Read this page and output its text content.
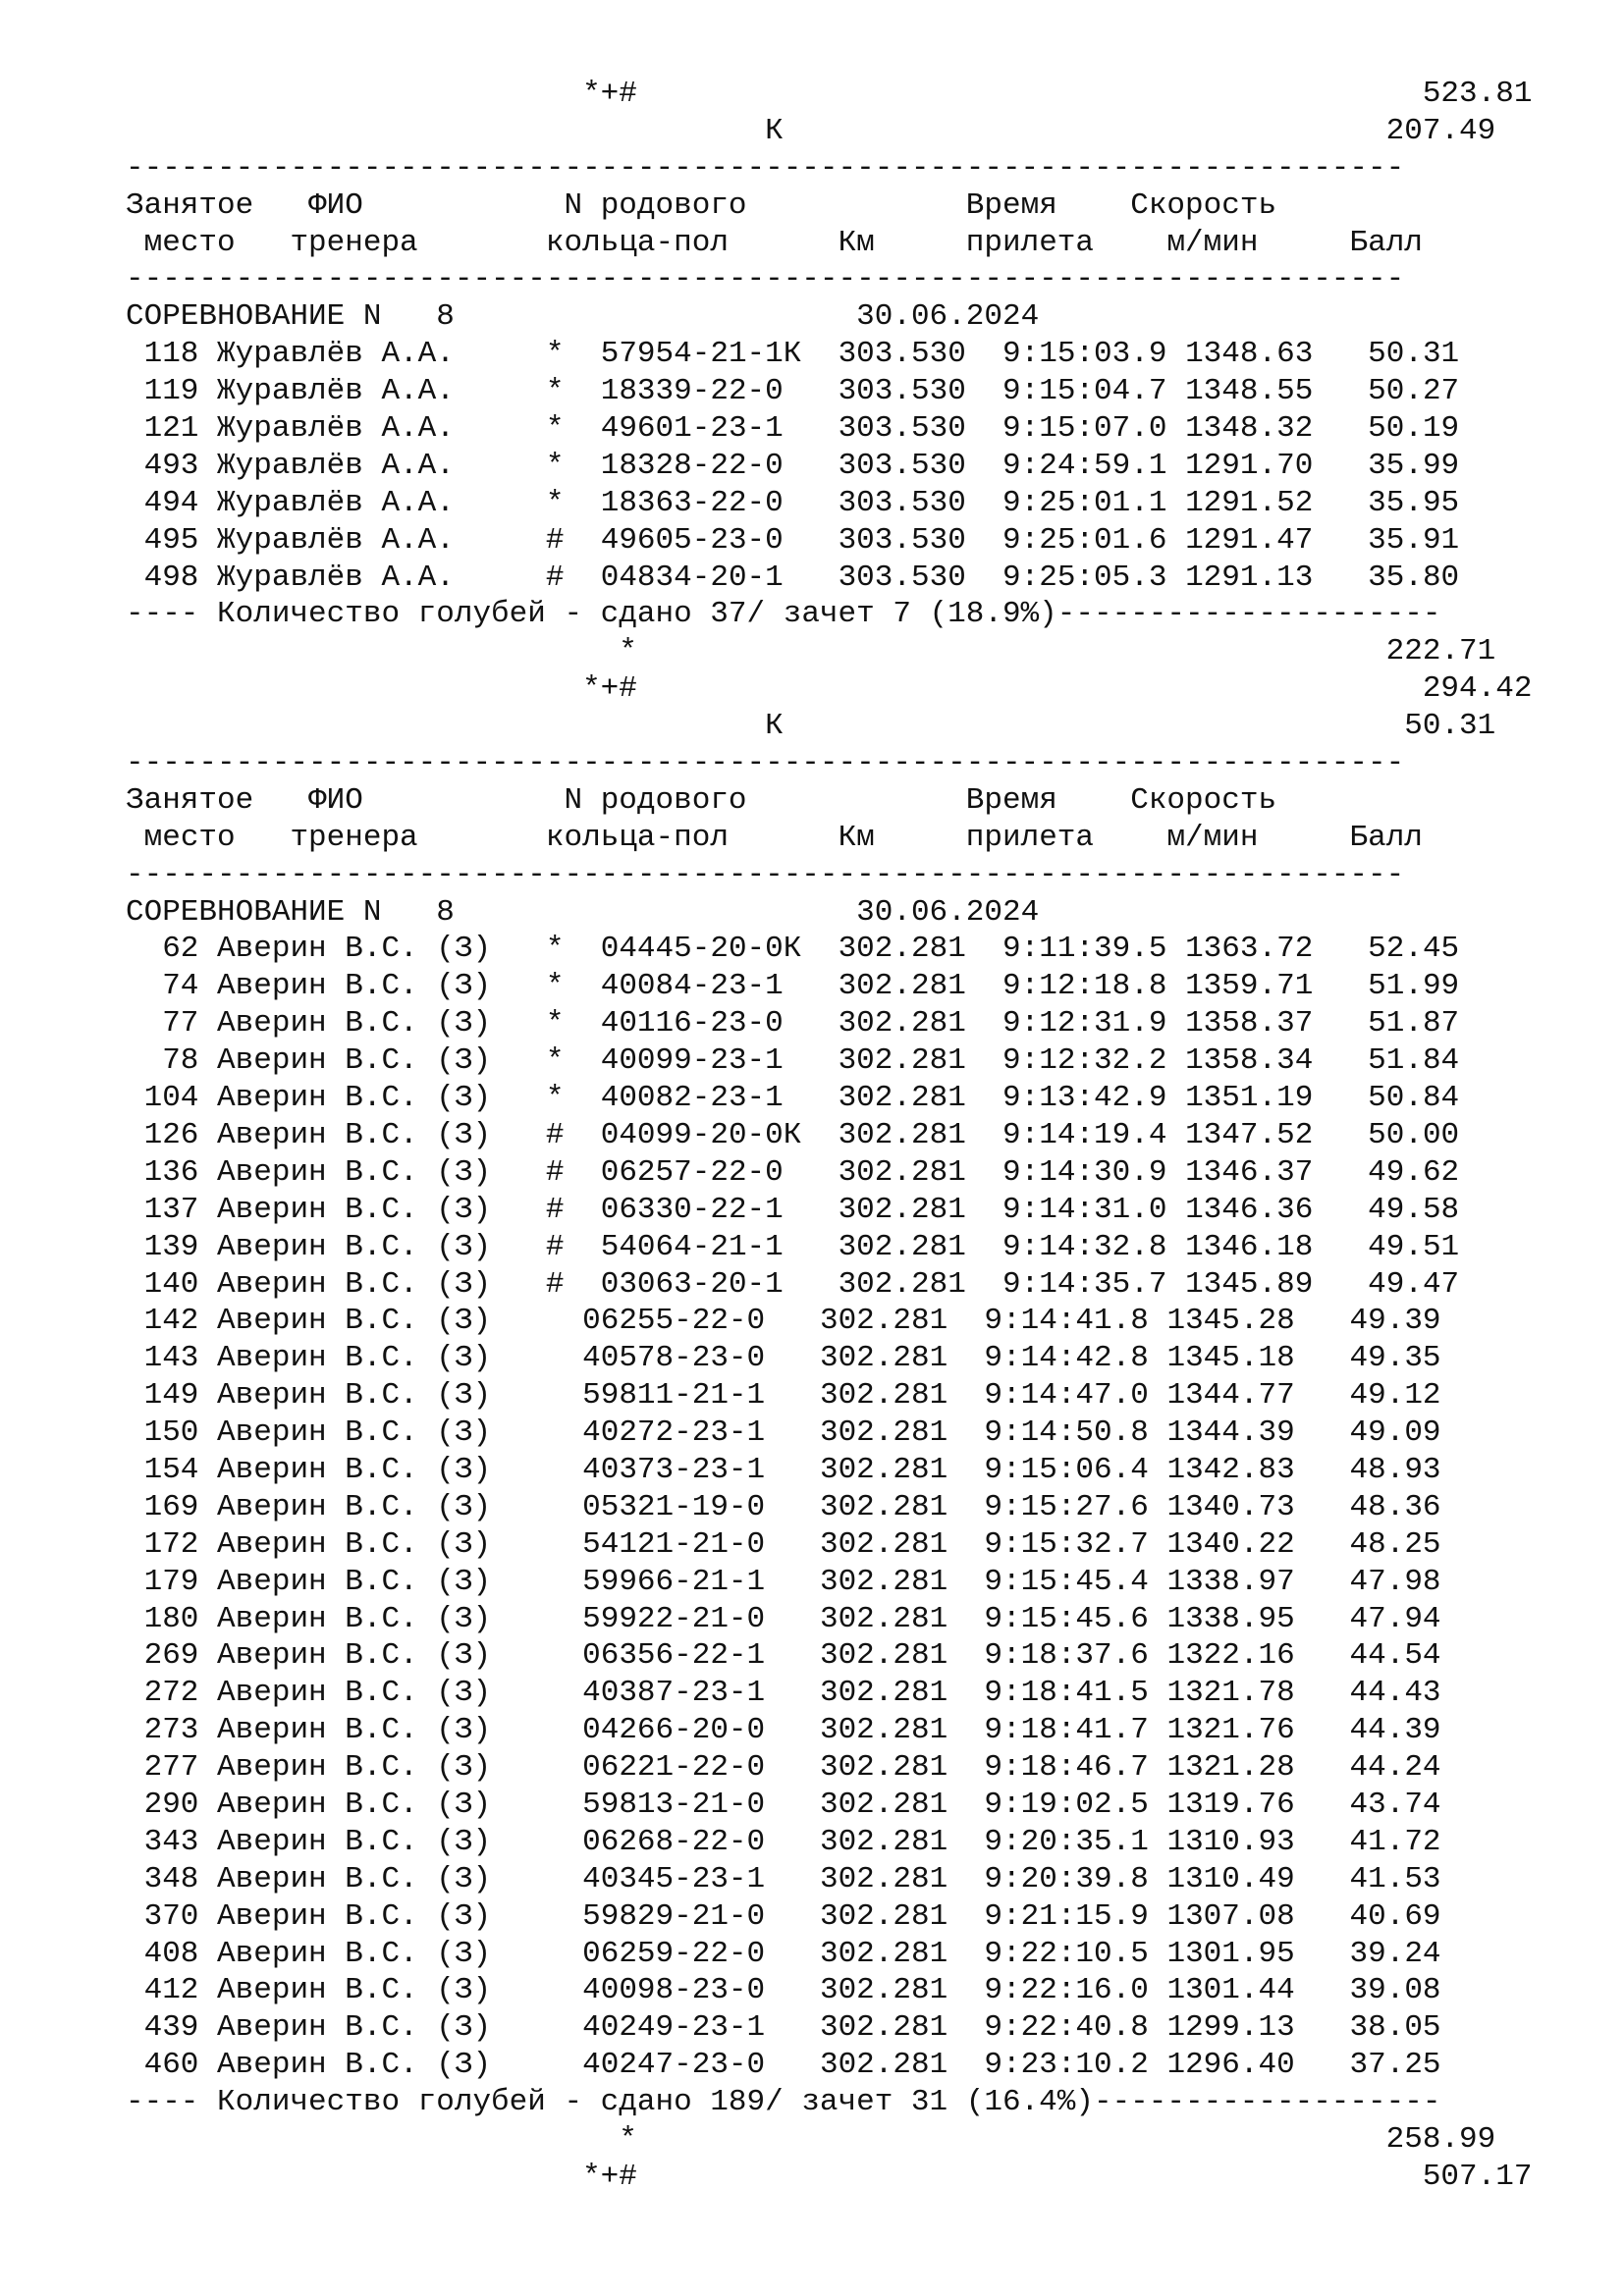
*+#	523.81
К	207.49
----------------------------------------------------------------------
Занятое ФИО	N родового	Время Скорость
место тренера	кольца-пол	Км	прилета м/мин	Балл
----------------------------------------------------------------------
СОРЕВНОВАНИЕ N   8	30.06.2024
118 Журавлёв А.А.     * 57954-21-1К 303.530 9:15:03.9 1348.63   50.31
119 Журавлёв А.А.     * 18339-22-0   303.530 9:15:04.7 1348.55   50.27
121 Журавлёв А.А.     * 49601-23-1   303.530 9:15:07.0 1348.32   50.19
493 Журавлёв А.А.     * 18328-22-0   303.530 9:24:59.1 1291.70   35.99
494 Журавлёв А.А.     * 18363-22-0   303.530 9:25:01.1 1291.52   35.95
495 Журавлёв А.А.     # 49605-23-0   303.530 9:25:01.6 1291.47   35.91
498 Журавлёв А.А.     # 04834-20-1   303.530 9:25:05.3 1291.13   35.80
---- Количество голубей - сдано 37/ зачет 7 (18.9%)---------------------
*	222.71
*+#	294.42
К	50.31
----------------------------------------------------------------------
Занятое ФИО	N родового	Время Скорость
место тренера	кольца-пол	Км	прилета м/мин	Балл
----------------------------------------------------------------------
СОРЕВНОВАНИЕ N   8	30.06.2024
62 Аверин В.С. (З) * 04445-20-0К 302.281 9:11:39.5 1363.72   52.45
74 Аверин В.С. (З) * 40084-23-1   302.281 9:12:18.8 1359.71   51.99
77 Аверин В.С. (З) * 40116-23-0   302.281 9:12:31.9 1358.37   51.87
78 Аверин В.С. (З) * 40099-23-1   302.281 9:12:32.2 1358.34   51.84
104 Аверин В.С. (З) * 40082-23-1   302.281 9:13:42.9 1351.19   50.84
126 Аверин В.С. (З) # 04099-20-0К 302.281 9:14:19.4 1347.52   50.00
136 Аверин В.С. (З) # 06257-22-0   302.281 9:14:30.9 1346.37   49.62
137 Аверин В.С. (З) # 06330-22-1   302.281 9:14:31.0 1346.36   49.58
139 Аверин В.С. (З) # 54064-21-1   302.281 9:14:32.8 1346.18   49.51
140 Аверин В.С. (З) # 03063-20-1   302.281 9:14:35.7 1345.89   49.47
142 Аверин В.С. (З)	06255-22-0   302.281 9:14:41.8 1345.28   49.39
143 Аверин В.С. (З)	40578-23-0   302.281 9:14:42.8 1345.18   49.35
149 Аверин В.С. (З)	59811-21-1   302.281 9:14:47.0 1344.77   49.12
150 Аверин В.С. (З)	40272-23-1   302.281 9:14:50.8 1344.39   49.09
154 Аверин В.С. (З)	40373-23-1   302.281 9:15:06.4 1342.83   48.93
169 Аверин В.С. (З)	05321-19-0   302.281 9:15:27.6 1340.73   48.36
172 Аверин В.С. (З)	54121-21-0   302.281 9:15:32.7 1340.22   48.25
179 Аверин В.С. (З)	59966-21-1   302.281 9:15:45.4 1338.97   47.98
180 Аверин В.С. (З)	59922-21-0   302.281 9:15:45.6 1338.95   47.94
269 Аверин В.С. (З)	06356-22-1   302.281 9:18:37.6 1322.16   44.54
272 Аверин В.С. (З)	40387-23-1   302.281 9:18:41.5 1321.78   44.43
273 Аверин В.С. (З)	04266-20-0   302.281 9:18:41.7 1321.76   44.39
277 Аверин В.С. (З)	06221-22-0   302.281 9:18:46.7 1321.28   44.24
290 Аверин В.С. (З)	59813-21-0   302.281 9:19:02.5 1319.76   43.74
343 Аверин В.С. (З)	06268-22-0   302.281 9:20:35.1 1310.93   41.72
348 Аверин В.С. (З)	40345-23-1   302.281 9:20:39.8 1310.49   41.53
370 Аверин В.С. (З)	59829-21-0   302.281 9:21:15.9 1307.08   40.69
408 Аверин В.С. (З)	06259-22-0   302.281 9:22:10.5 1301.95   39.24
412 Аверин В.С. (З)	40098-23-0   302.281 9:22:16.0 1301.44   39.08
439 Аверин В.С. (З)	40249-23-1   302.281 9:22:40.8 1299.13   38.05
460 Аверин В.С. (З)	40247-23-0   302.281 9:23:10.2 1296.40   37.25
---- Количество голубей - сдано 189/ зачет 31 (16.4%)-------------------
*	258.99
*+#	507.17
